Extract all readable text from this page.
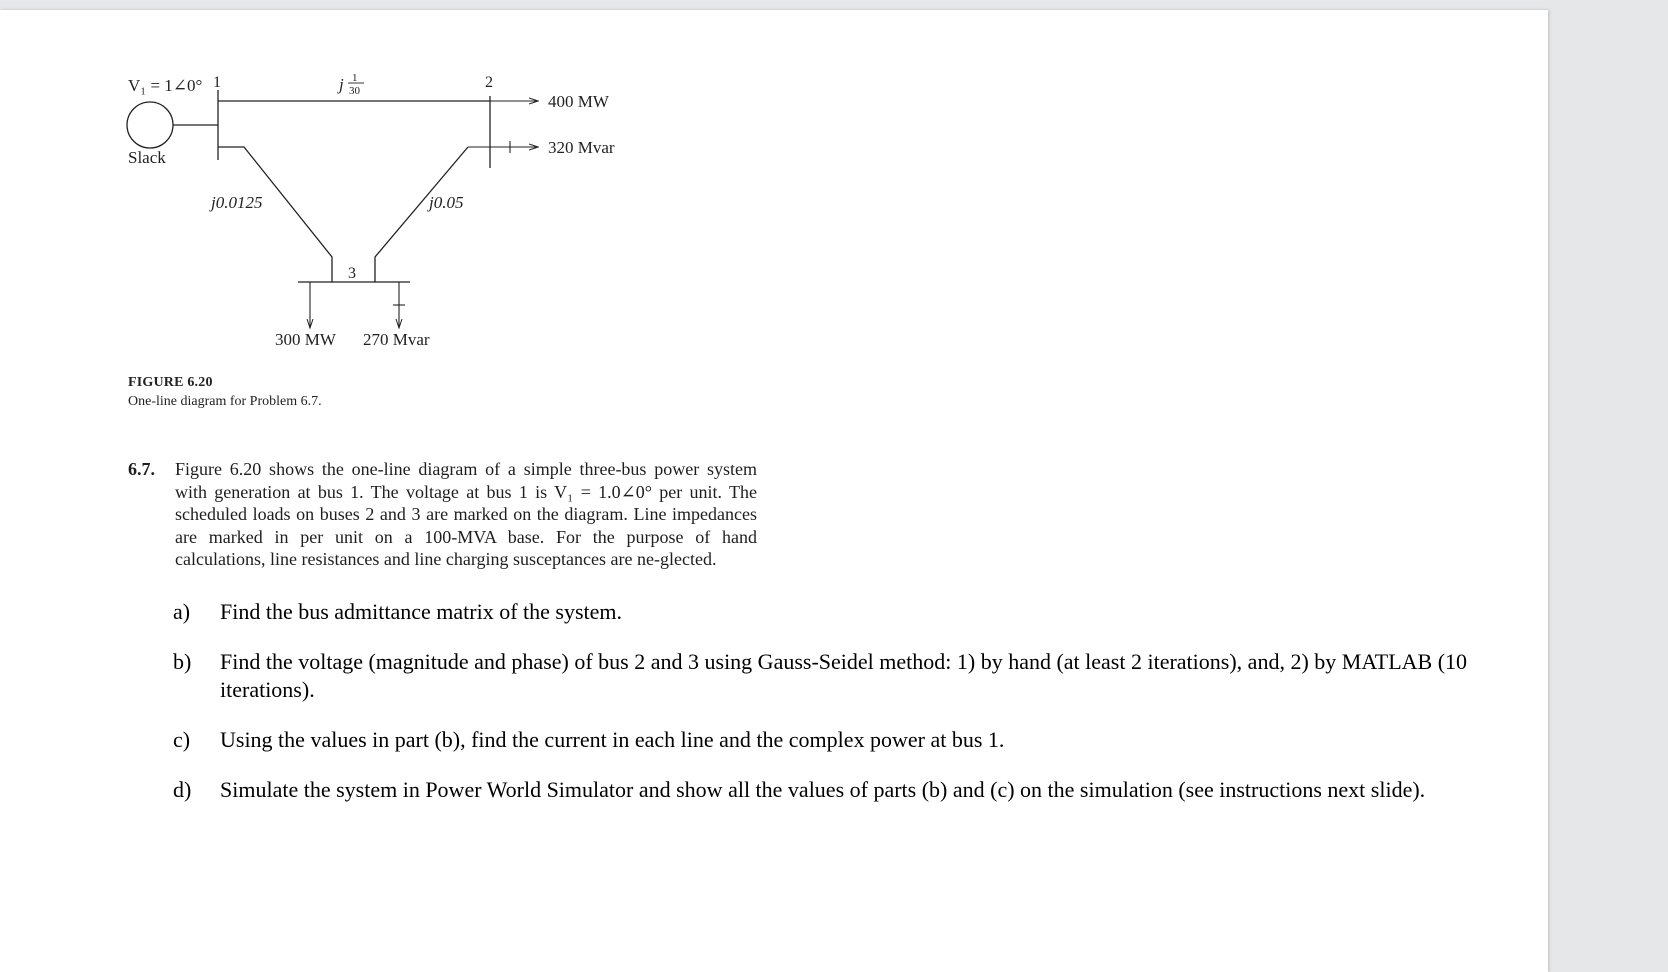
V₁ = 1∠0° 1	2
3
j 1
30
j0.0125	j0.05
Slack
400 MW
320 Mvar
300 MW 270 Mvar
FIGURE 6.20
One-line diagram for Problem 6.7.
6.7. Figure 6.20 shows the one-line diagram of a simple three-bus power system with generation at bus 1. The voltage at bus 1 is V₁ = 1.0∠0° per unit. The scheduled loads on buses 2 and 3 are marked on the diagram. Line impedances are marked in per unit on a 100-MVA base. For the purpose of hand calculations, line resistances and line charging susceptances are ne-glected.
a) Find the bus admittance matrix of the system.
b) Find the voltage (magnitude and phase) of bus 2 and 3 using Gauss-Seidel method: 1) by hand (at least 2 iterations), and, 2) by MATLAB (10 iterations).
c) Using the values in part (b), find the current in each line and the complex power at bus 1.
d) Simulate the system in Power World Simulator and show all the values of parts (b) and (c) on the simulation (see instructions next slide).
